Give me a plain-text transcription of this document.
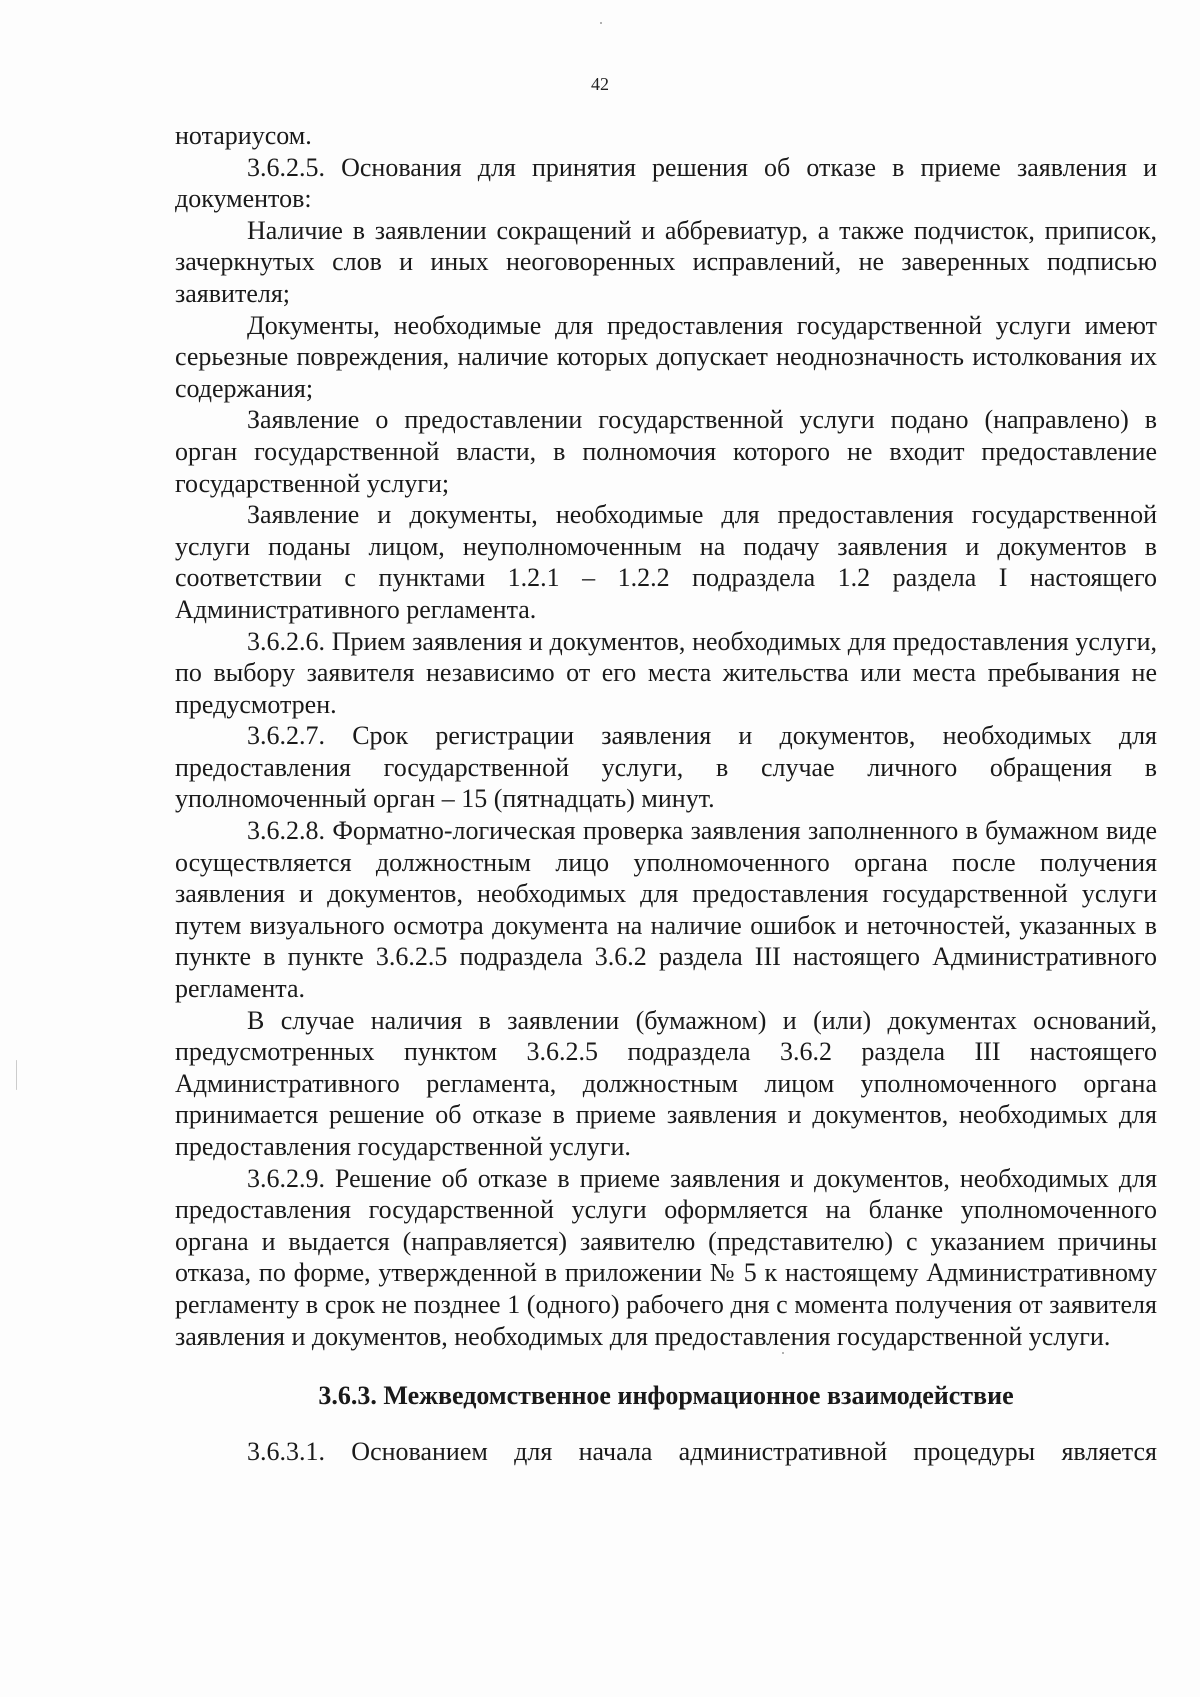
42

нотариусом.

3.6.2.5. Основания для принятия решения об отказе в приеме заявления и документов:

Наличие в заявлении сокращений и аббревиатур, а также подчисток, приписок, зачеркнутых слов и иных неоговоренных исправлений, не заверенных подписью заявителя;

Документы, необходимые для предоставления государственной услуги имеют серьезные повреждения, наличие которых допускает неоднозначность истолкования их содержания;

Заявление о предоставлении государственной услуги подано (направлено) в орган государственной власти, в полномочия которого не входит предоставление государственной услуги;

Заявление и документы, необходимые для предоставления государственной услуги поданы лицом, неуполномоченным на подачу заявления и документов в соответствии с пунктами 1.2.1 – 1.2.2 подраздела 1.2 раздела I настоящего Административного регламента.

3.6.2.6. Прием заявления и документов, необходимых для предоставления услуги, по выбору заявителя независимо от его места жительства или места пребывания не предусмотрен.

3.6.2.7. Срок регистрации заявления и документов, необходимых для предоставления государственной услуги, в случае личного обращения в уполномоченный орган – 15 (пятнадцать) минут.

3.6.2.8. Форматно-логическая проверка заявления заполненного в бумажном виде осуществляется должностным лицо уполномоченного органа после получения заявления и документов, необходимых для предоставления государственной услуги путем визуального осмотра документа на наличие ошибок и неточностей, указанных в пункте в пункте 3.6.2.5 подраздела 3.6.2 раздела III настоящего Административного регламента.

В случае наличия в заявлении (бумажном) и (или) документах оснований, предусмотренных пунктом 3.6.2.5 подраздела 3.6.2 раздела III настоящего Административного регламента, должностным лицом уполномоченного органа принимается решение об отказе в приеме заявления и документов, необходимых для предоставления государственной услуги.

3.6.2.9. Решение об отказе в приеме заявления и документов, необходимых для предоставления государственной услуги оформляется на бланке уполномоченного органа и выдается (направляется) заявителю (представителю) с указанием причины отказа, по форме, утвержденной в приложении № 5 к настоящему Административному регламенту в срок не позднее 1 (одного) рабочего дня с момента получения от заявителя заявления и документов, необходимых для предоставления государственной услуги.

3.6.3. Межведомственное информационное взаимодействие

3.6.3.1. Основанием для начала административной процедуры является
